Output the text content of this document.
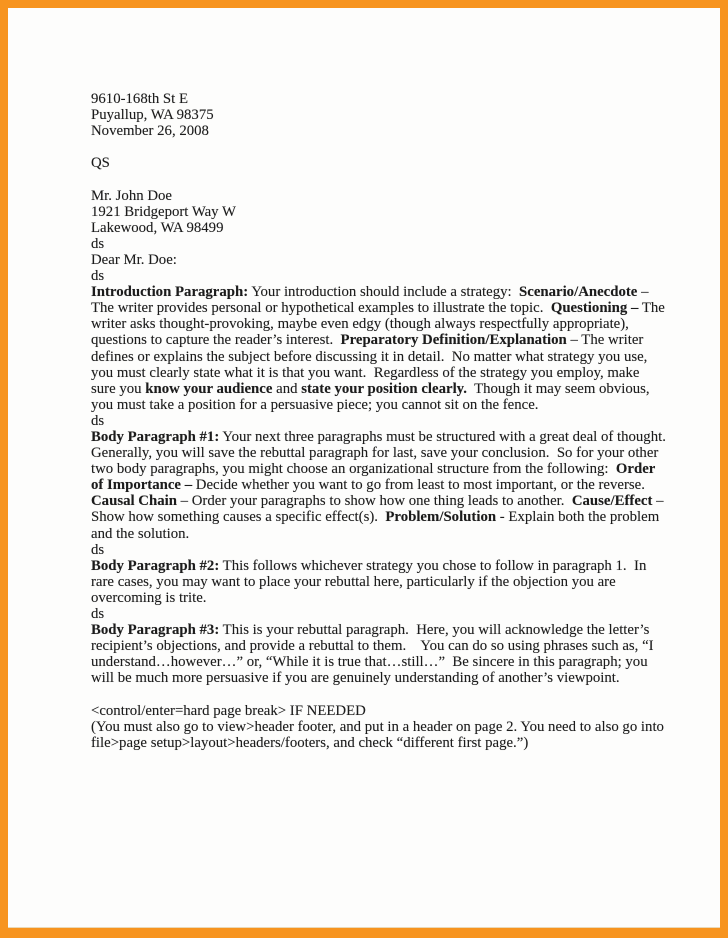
9610-168th St E
Puyallup, WA 98375
November 26, 2008

QS

Mr. John Doe
1921 Bridgeport Way W
Lakewood, WA 98499
ds
Dear Mr. Doe:
ds
Introduction Paragraph: Your introduction should include a strategy:  Scenario/Anecdote –
The writer provides personal or hypothetical examples to illustrate the topic.  Questioning – The
writer asks thought-provoking, maybe even edgy (though always respectfully appropriate),
questions to capture the reader’s interest.  Preparatory Definition/Explanation – The writer
defines or explains the subject before discussing it in detail.  No matter what strategy you use,
you must clearly state what it is that you want.  Regardless of the strategy you employ, make
sure you know your audience and state your position clearly.  Though it may seem obvious,
you must take a position for a persuasive piece; you cannot sit on the fence.
ds
Body Paragraph #1: Your next three paragraphs must be structured with a great deal of thought.
Generally, you will save the rebuttal paragraph for last, save your conclusion.  So for your other
two body paragraphs, you might choose an organizational structure from the following:  Order
of Importance – Decide whether you want to go from least to most important, or the reverse.
Causal Chain – Order your paragraphs to show how one thing leads to another.  Cause/Effect –
Show how something causes a specific effect(s).  Problem/Solution - Explain both the problem
and the solution.
ds
Body Paragraph #2: This follows whichever strategy you chose to follow in paragraph 1.  In
rare cases, you may want to place your rebuttal here, particularly if the objection you are
overcoming is trite.
ds
Body Paragraph #3: This is your rebuttal paragraph.  Here, you will acknowledge the letter’s
recipient’s objections, and provide a rebuttal to them.    You can do so using phrases such as, “I
understand…however…” or, “While it is true that…still…”  Be sincere in this paragraph; you
will be much more persuasive if you are genuinely understanding of another’s viewpoint.

<control/enter=hard page break> IF NEEDED
(You must also go to view>header footer, and put in a header on page 2. You need to also go into
file>page setup>layout>headers/footers, and check “different first page.”)
